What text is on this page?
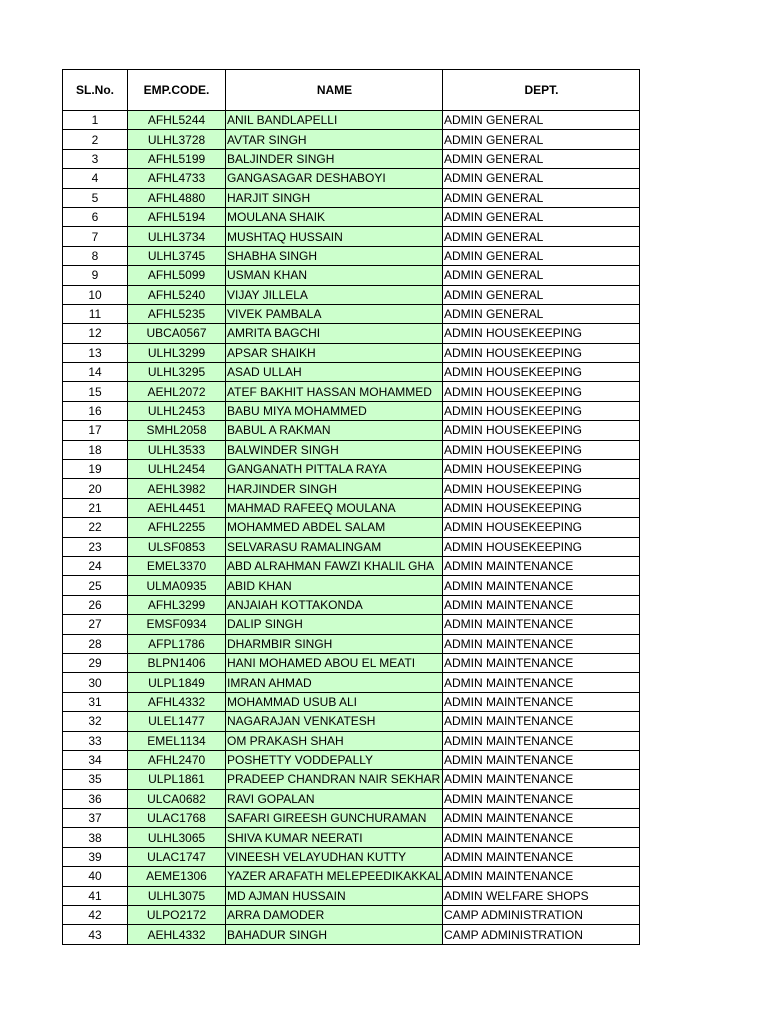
SL.No.	EMP.CODE.	NAME	DEPT.
1	AFHL5244	ANIL BANDLAPELLI	ADMIN GENERAL
2	ULHL3728	AVTAR SINGH	ADMIN GENERAL
3	AFHL5199	BALJINDER SINGH	ADMIN GENERAL
4	AFHL4733	GANGASAGAR DESHABOYI	ADMIN GENERAL
5	AFHL4880	HARJIT SINGH	ADMIN GENERAL
6	AFHL5194	MOULANA SHAIK	ADMIN GENERAL
7	ULHL3734	MUSHTAQ HUSSAIN	ADMIN GENERAL
8	ULHL3745	SHABHA SINGH	ADMIN GENERAL
9	AFHL5099	USMAN KHAN	ADMIN GENERAL
10	AFHL5240	VIJAY JILLELA	ADMIN GENERAL
11	AFHL5235	VIVEK PAMBALA	ADMIN GENERAL
12	UBCA0567	AMRITA BAGCHI	ADMIN HOUSEKEEPING
13	ULHL3299	APSAR SHAIKH	ADMIN HOUSEKEEPING
14	ULHL3295	ASAD ULLAH	ADMIN HOUSEKEEPING
15	AEHL2072	ATEF BAKHIT HASSAN MOHAMMED	ADMIN HOUSEKEEPING
16	ULHL2453	BABU MIYA MOHAMMED	ADMIN HOUSEKEEPING
17	SMHL2058	BABUL A RAKMAN	ADMIN HOUSEKEEPING
18	ULHL3533	BALWINDER SINGH	ADMIN HOUSEKEEPING
19	ULHL2454	GANGANATH PITTALA RAYA	ADMIN HOUSEKEEPING
20	AEHL3982	HARJINDER SINGH	ADMIN HOUSEKEEPING
21	AEHL4451	MAHMAD RAFEEQ MOULANA	ADMIN HOUSEKEEPING
22	AFHL2255	MOHAMMED ABDEL SALAM	ADMIN HOUSEKEEPING
23	ULSF0853	SELVARASU RAMALINGAM	ADMIN HOUSEKEEPING
24	EMEL3370	ABD ALRAHMAN FAWZI KHALIL GHA	ADMIN MAINTENANCE
25	ULMA0935	ABID KHAN	ADMIN MAINTENANCE
26	AFHL3299	ANJAIAH KOTTAKONDA	ADMIN MAINTENANCE
27	EMSF0934	DALIP SINGH	ADMIN MAINTENANCE
28	AFPL1786	DHARMBIR SINGH	ADMIN MAINTENANCE
29	BLPN1406	HANI MOHAMED ABOU EL MEATI	ADMIN MAINTENANCE
30	ULPL1849	IMRAN AHMAD	ADMIN MAINTENANCE
31	AFHL4332	MOHAMMAD USUB ALI	ADMIN MAINTENANCE
32	ULEL1477	NAGARAJAN VENKATESH	ADMIN MAINTENANCE
33	EMEL1134	OM PRAKASH SHAH	ADMIN MAINTENANCE
34	AFHL2470	POSHETTY VODDEPALLY	ADMIN MAINTENANCE
35	ULPL1861	PRADEEP CHANDRAN NAIR SEKHAR	ADMIN MAINTENANCE
36	ULCA0682	RAVI GOPALAN	ADMIN MAINTENANCE
37	ULAC1768	SAFARI GIREESH GUNCHURAMAN	ADMIN MAINTENANCE
38	ULHL3065	SHIVA KUMAR NEERATI	ADMIN MAINTENANCE
39	ULAC1747	VINEESH VELAYUDHAN KUTTY	ADMIN MAINTENANCE
40	AEME1306	YAZER ARAFATH MELEPEEDIKAKKAL	ADMIN MAINTENANCE
41	ULHL3075	MD AJMAN HUSSAIN	ADMIN WELFARE SHOPS
42	ULPO2172	ARRA DAMODER	CAMP ADMINISTRATION
43	AEHL4332	BAHADUR SINGH	CAMP ADMINISTRATION
